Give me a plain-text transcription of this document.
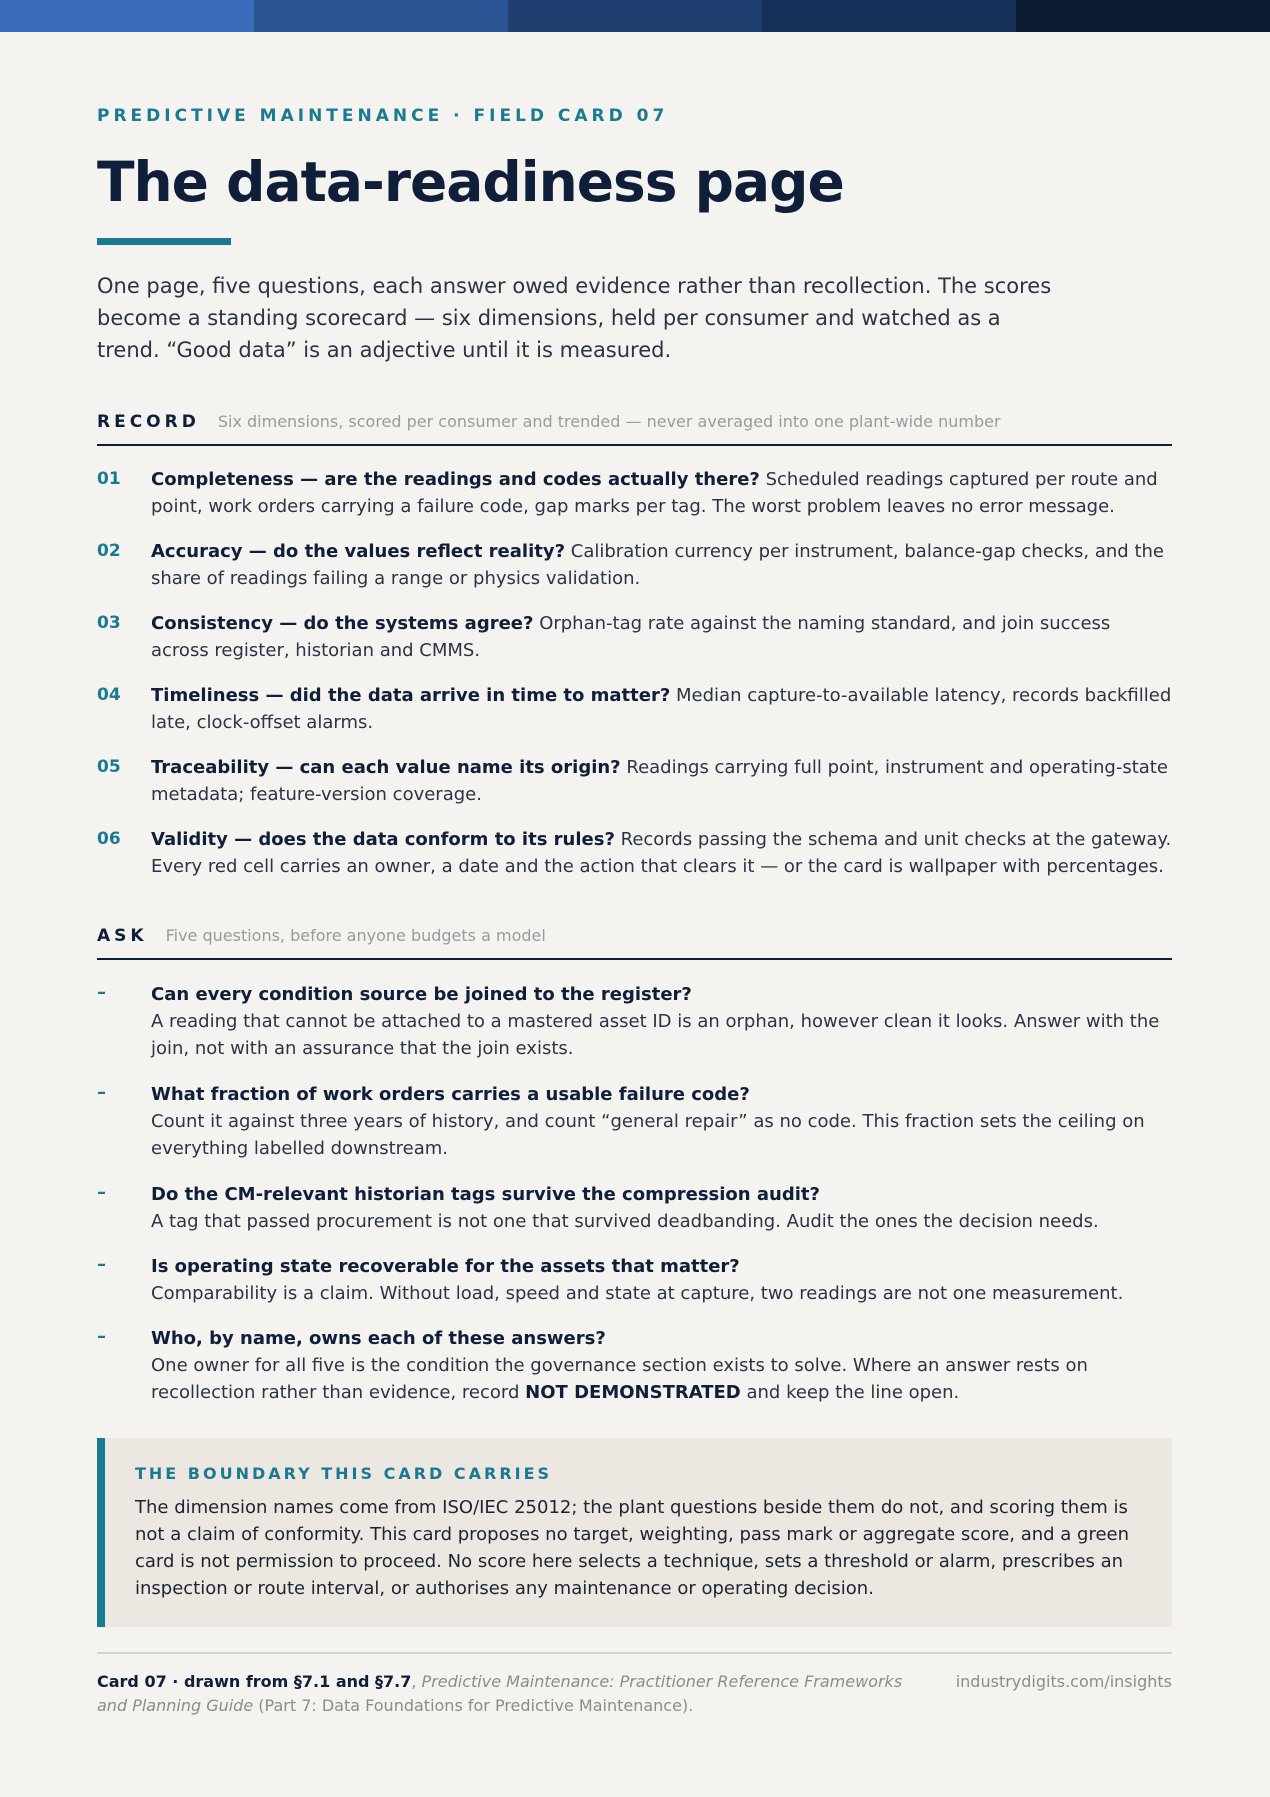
PREDICTIVE MAINTENANCE · FIELD CARD 07
The data-readiness page
One page, five questions, each answer owed evidence rather than recollection. The scores become a standing scorecard — six dimensions, held per consumer and watched as a trend. “Good data” is an adjective until it is measured.
RECORD Six dimensions, scored per consumer and trended — never averaged into one plant-wide number
01 Completeness — are the readings and codes actually there? Scheduled readings captured per route and point, work orders carrying a failure code, gap marks per tag. The worst problem leaves no error message.
02 Accuracy — do the values reflect reality? Calibration currency per instrument, balance-gap checks, and the share of readings failing a range or physics validation.
03 Consistency — do the systems agree? Orphan-tag rate against the naming standard, and join success across register, historian and CMMS.
04 Timeliness — did the data arrive in time to matter? Median capture-to-available latency, records backfilled late, clock-offset alarms.
05 Traceability — can each value name its origin? Readings carrying full point, instrument and operating-state metadata; feature-version coverage.
06 Validity — does the data conform to its rules? Records passing the schema and unit checks at the gateway. Every red cell carries an owner, a date and the action that clears it — or the card is wallpaper with percentages.
ASK Five questions, before anyone budgets a model
–	Can every condition source be joined to the register?
A reading that cannot be attached to a mastered asset ID is an orphan, however clean it looks. Answer with the join, not with an assurance that the join exists.
–	What fraction of work orders carries a usable failure code?
Count it against three years of history, and count “general repair” as no code. This fraction sets the ceiling on everything labelled downstream.
–	Do the CM-relevant historian tags survive the compression audit?
A tag that passed procurement is not one that survived deadbanding. Audit the ones the decision needs.
–	Is operating state recoverable for the assets that matter?
Comparability is a claim. Without load, speed and state at capture, two readings are not one measurement.
–	Who, by name, owns each of these answers?
One owner for all five is the condition the governance section exists to solve. Where an answer rests on recollection rather than evidence, record NOT DEMONSTRATED and keep the line open.
THE BOUNDARY THIS CARD CARRIES
The dimension names come from ISO/IEC 25012; the plant questions beside them do not, and scoring them is not a claim of conformity. This card proposes no target, weighting, pass mark or aggregate score, and a green card is not permission to proceed. No score here selects a technique, sets a threshold or alarm, prescribes an inspection or route interval, or authorises any maintenance or operating decision.
Card 07 · drawn from §7.1 and §7.7, Predictive Maintenance: Practitioner Reference Frameworks and Planning Guide (Part 7: Data Foundations for Predictive Maintenance).
industrydigits.com/insights
